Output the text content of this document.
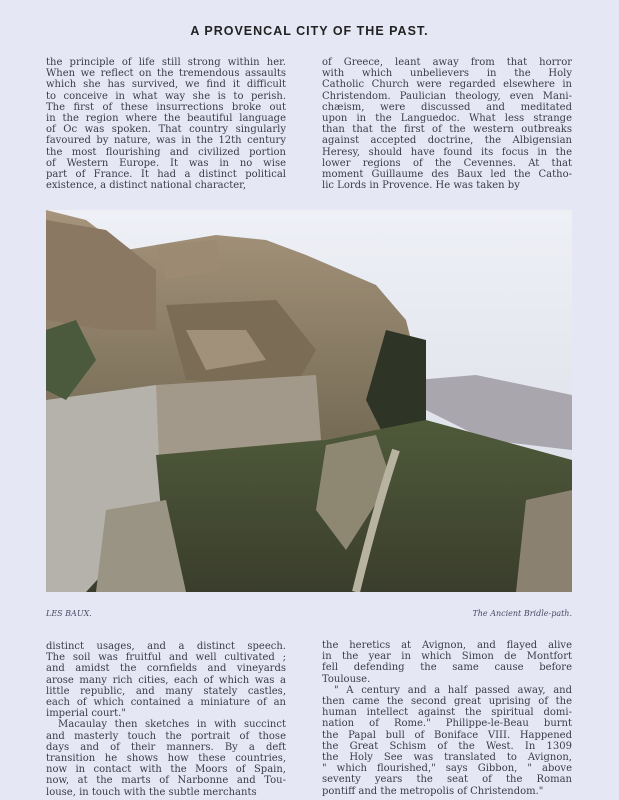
A PROVENCAL CITY OF THE PAST.
the principle of life still strong within her.
When we reflect on the tremendous assaults
which she has survived, we find it difficult
to conceive in what way she is to perish.
The first of these insurrections broke out
in the region where the beautiful language
of Oc was spoken. That country singularly
favoured by nature, was in the 12th century
the most flourishing and civilized portion
of Western Europe. It was in no wise
part of France. It had a distinct political
existence, a distinct national character,
of Greece, leant away from that horror
with which unbelievers in the Holy
Catholic Church were regarded elsewhere in
Christendom. Paulician theology, even Mani-
chæism, were discussed and meditated
upon in the Languedoc. What less strange
than that the first of the western outbreaks
against accepted doctrine, the Albigensian
Heresy, should have found its focus in the
lower regions of the Cevennes. At that
moment Guillaume des Baux led the Catho-
lic Lords in Provence. He was taken by
LES BAUX.	The Ancient Bridle-path.
distinct usages, and a distinct speech.
The soil was fruitful and well cultivated ;
and amidst the cornfields and vineyards
arose many rich cities, each of which was a
little republic, and many stately castles,
each of which contained a miniature of an
imperial court."
Macaulay then sketches in with succinct
and masterly touch the portrait of those
days and of their manners. By a deft
transition he shows how these countries,
now in contact with the Moors of Spain,
now, at the marts of Narbonne and Tou-
louse, in touch with the subtle merchants
the heretics at Avignon, and flayed alive
in the year in which Simon de Montfort
fell defending the same cause before
Toulouse.
" A century and a half passed away, and
then came the second great uprising of the
human intellect against the spiritual domi-
nation of Rome." Philippe-le-Beau burnt
the Papal bull of Boniface VIII. Happened
the Great Schism of the West. In 1309
the Holy See was translated to Avignon,
" which flourished," says Gibbon, " above
seventy years the seat of the Roman
pontiff and the metropolis of Christendom."
